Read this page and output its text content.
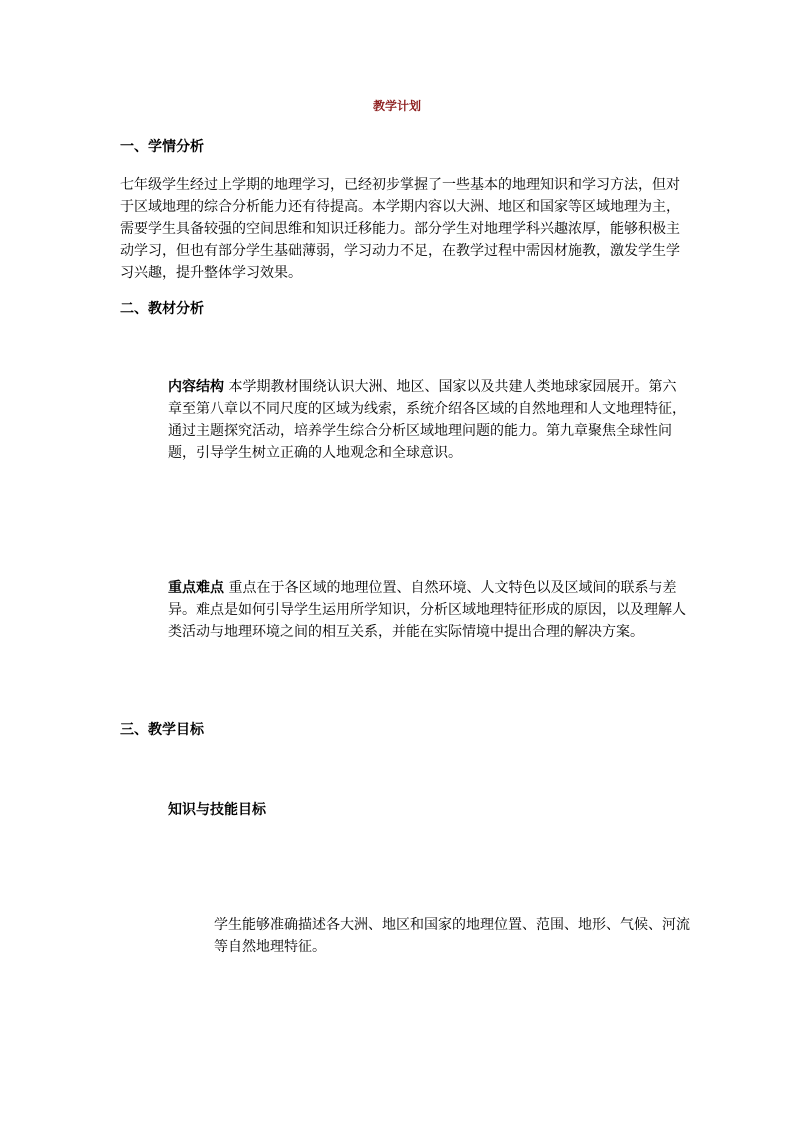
教学计划
一、学情分析

七年级学生经过上学期的地理学习，已经初步掌握了一些基本的地理知识和学习方法，但对于区域地理的综合分析能力还有待提高。本学期内容以大洲、地区和国家等区域地理为主，需要学生具备较强的空间思维和知识迁移能力。部分学生对地理学科兴趣浓厚，能够积极主动学习，但也有部分学生基础薄弱，学习动力不足，在教学过程中需因材施教，激发学生学习兴趣，提升整体学习效果。

二、教材分析

内容结构 本学期教材围绕认识大洲、地区、国家以及共建人类地球家园展开。第六章至第八章以不同尺度的区域为线索，系统介绍各区域的自然地理和人文地理特征，通过主题探究活动，培养学生综合分析区域地理问题的能力。第九章聚焦全球性问题，引导学生树立正确的人地观念和全球意识。

重点难点 重点在于各区域的地理位置、自然环境、人文特色以及区域间的联系与差异。难点是如何引导学生运用所学知识，分析区域地理特征形成的原因，以及理解人类活动与地理环境之间的相互关系，并能在实际情境中提出合理的解决方案。

三、教学目标
知识与技能目标

学生能够准确描述各大洲、地区和国家的地理位置、范围、地形、气候、河流等自然地理特征。
